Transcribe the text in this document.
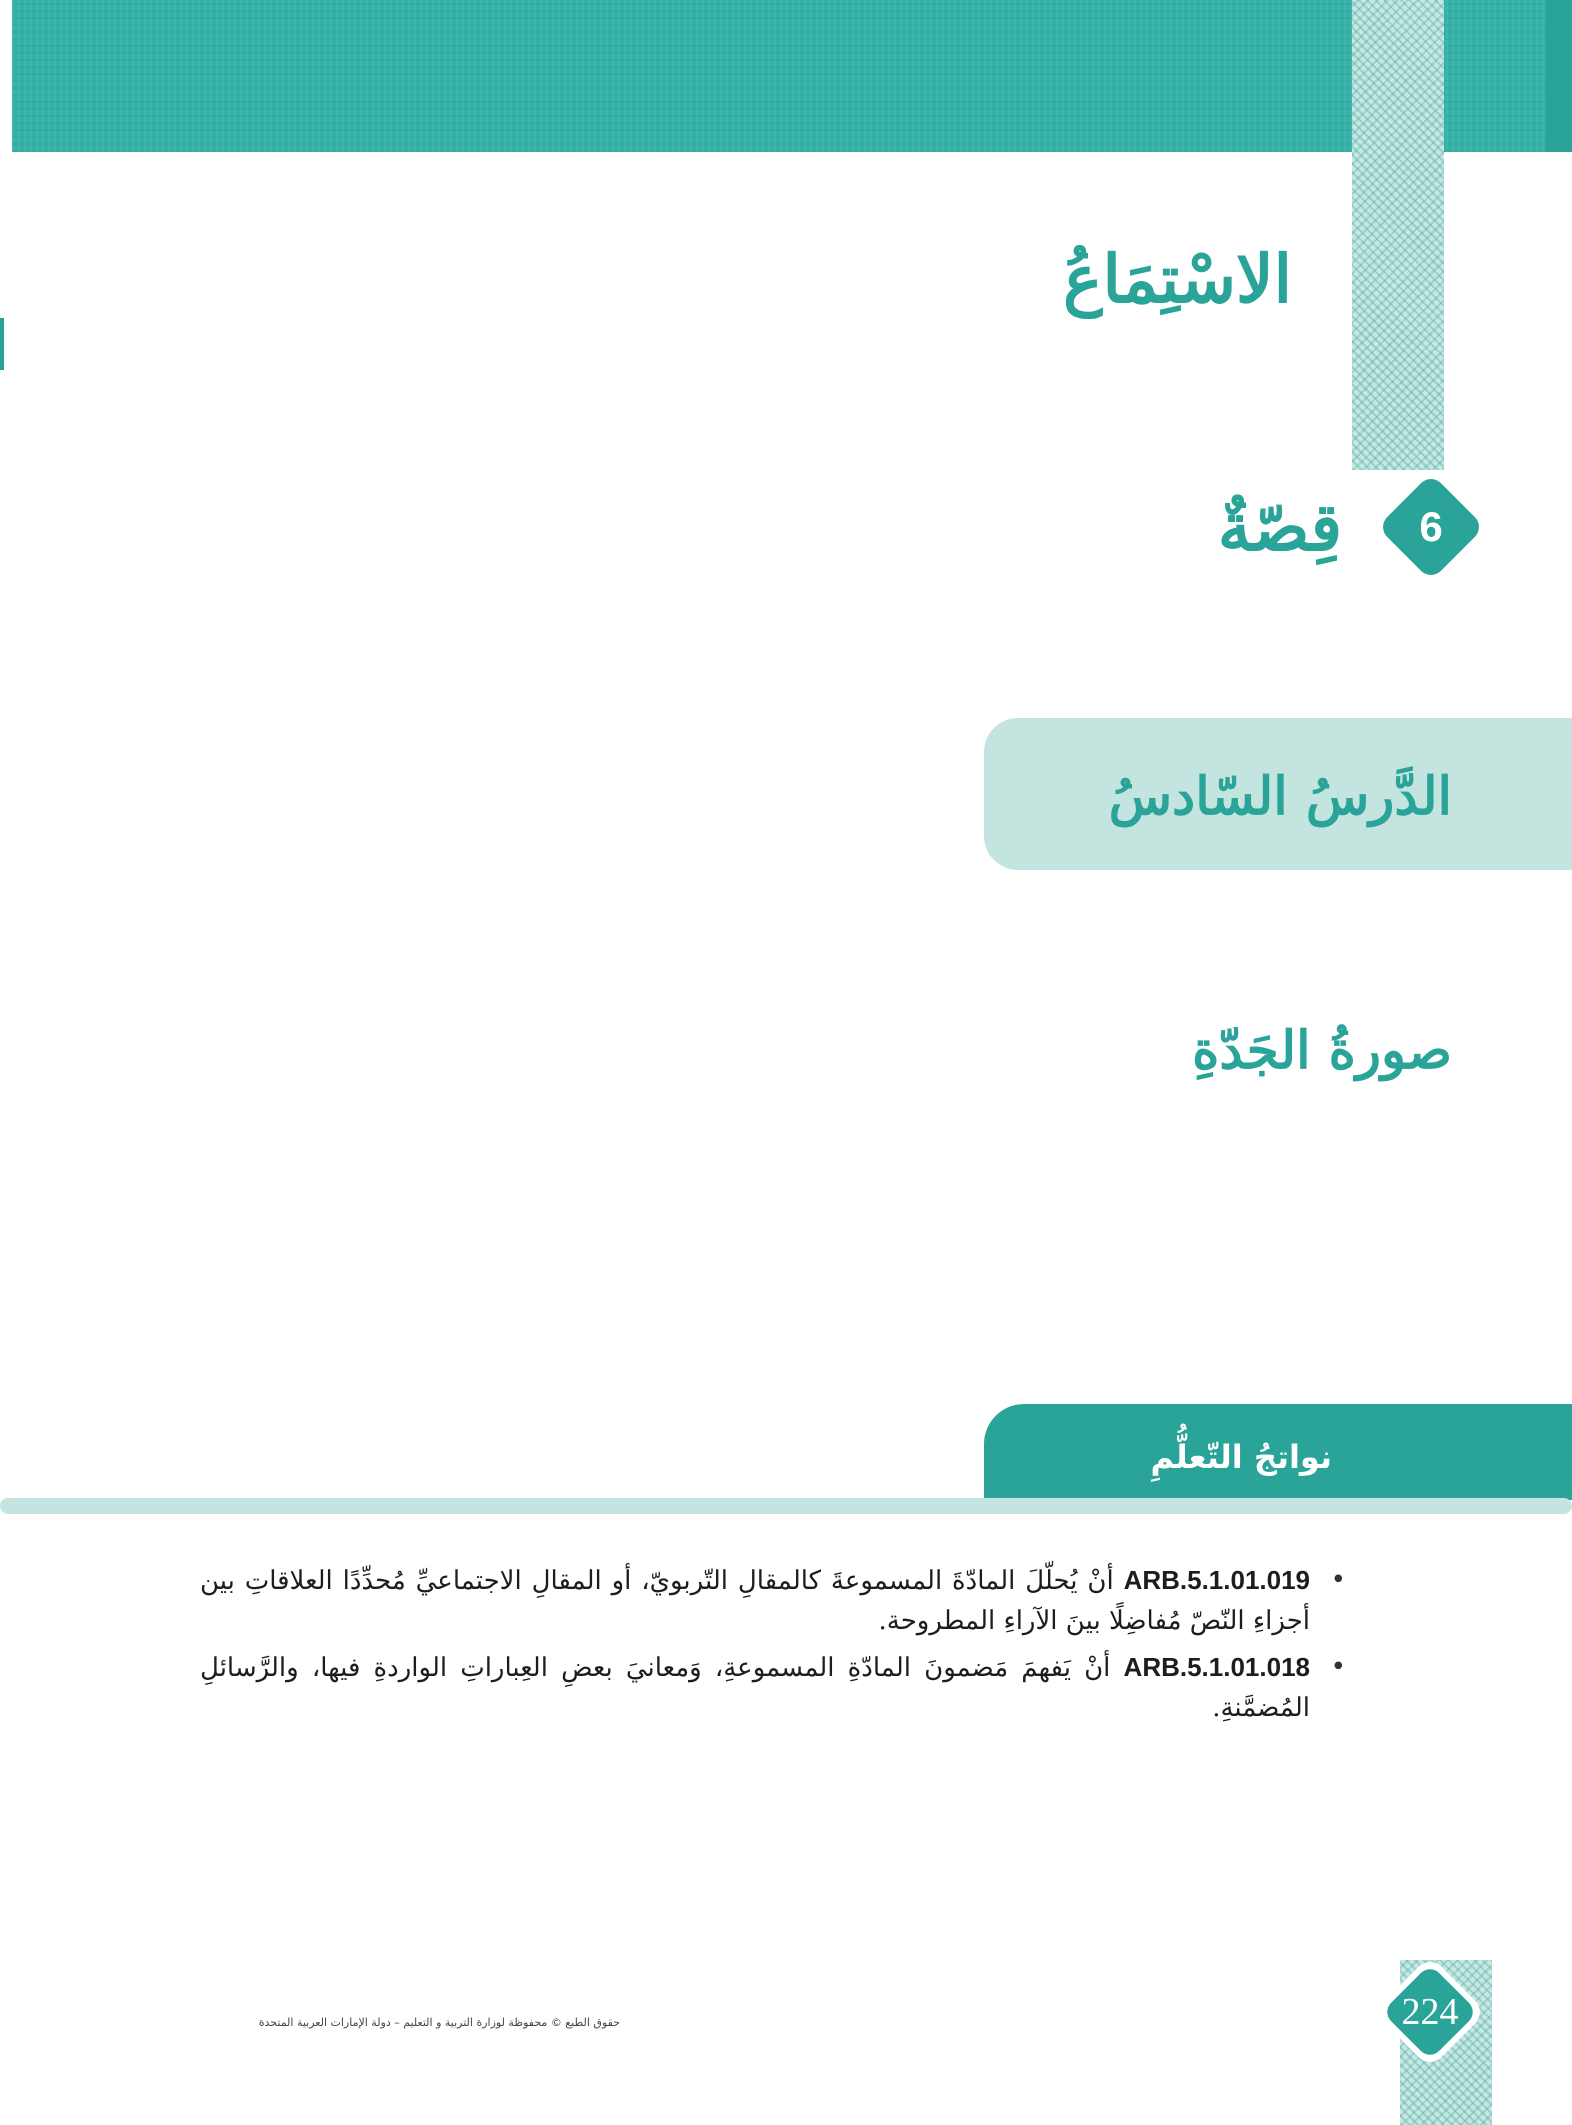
الاسْتِمَاعُ
6
قِصّةٌ
الدَّرسُ السّادسُ
صورةُ الجَدّةِ
نواتجُ التّعلُّمِ
• ARB.5.1.01.019 أنْ يُحلّلَ المادّةَ المسموعةَ كالمقالِ التّربويّ، أو المقالِ الاجتماعيِّ مُحدِّدًا العلاقاتِ بين أجزاءِ النّصّ مُفاضِلًا بينَ الآراءِ المطروحة.
• ARB.5.1.01.018 أنْ يَفهمَ مَضمونَ المادّةِ المسموعةِ، وَمعانيَ بعضِ العِباراتِ الواردةِ فيها، والرَّسائلِ المُضمَّنةِ.
224
حقوق الطبع © محفوظة لوزارة التربية و التعليم – دولة الإمارات العربية المتحدة
